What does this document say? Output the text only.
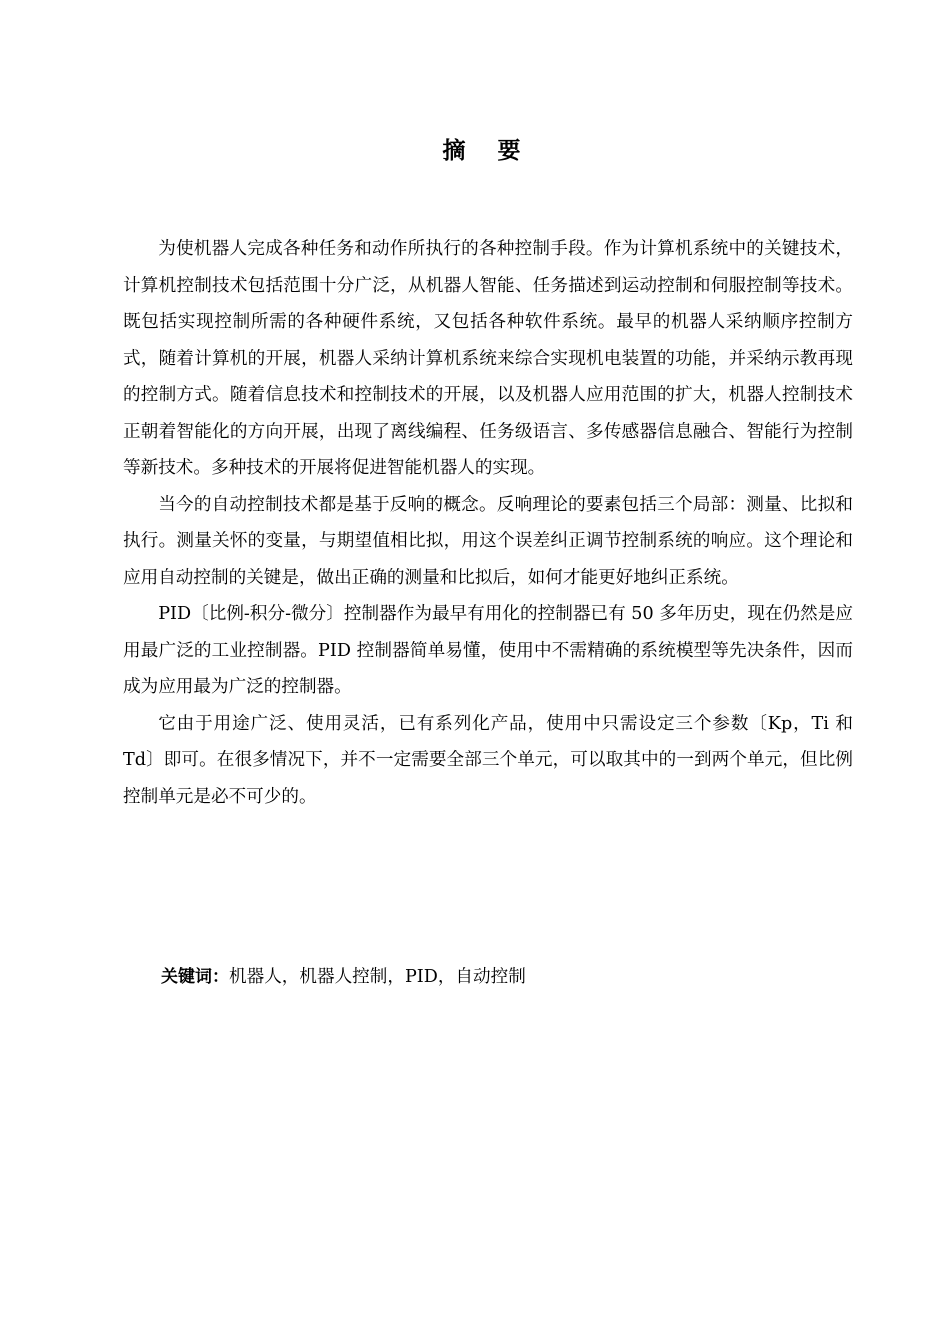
摘 要

为使机器人完成各种任务和动作所执行的各种控制手段。作为计算机系统中的关键技术，计算机控制技术包括范围十分广泛，从机器人智能、任务描述到运动控制和伺服控制等技术。既包括实现控制所需的各种硬件系统，又包括各种软件系统。最早的机器人采纳顺序控制方式，随着计算机的开展，机器人采纳计算机系统来综合实现机电装置的功能，并采纳示教再现的控制方式。随着信息技术和控制技术的开展，以及机器人应用范围的扩大，机器人控制技术正朝着智能化的方向开展，出现了离线编程、任务级语言、多传感器信息融合、智能行为控制等新技术。多种技术的开展将促进智能机器人的实现。

当今的自动控制技术都是基于反响的概念。反响理论的要素包括三个局部：测量、比拟和执行。测量关怀的变量，与期望值相比拟，用这个误差纠正调节控制系统的响应。这个理论和应用自动控制的关键是，做出正确的测量和比拟后，如何才能更好地纠正系统。

PID〔比例-积分-微分〕控制器作为最早有用化的控制器已有 50 多年历史，现在仍然是应用最广泛的工业控制器。PID 控制器简单易懂，使用中不需精确的系统模型等先决条件，因而成为应用最为广泛的控制器。

它由于用途广泛、使用灵活，已有系列化产品，使用中只需设定三个参数〔Kp，Ti 和 Td〕即可。在很多情况下，并不一定需要全部三个单元，可以取其中的一到两个单元，但比例控制单元是必不可少的。

关键词：机器人，机器人控制，PID，自动控制
